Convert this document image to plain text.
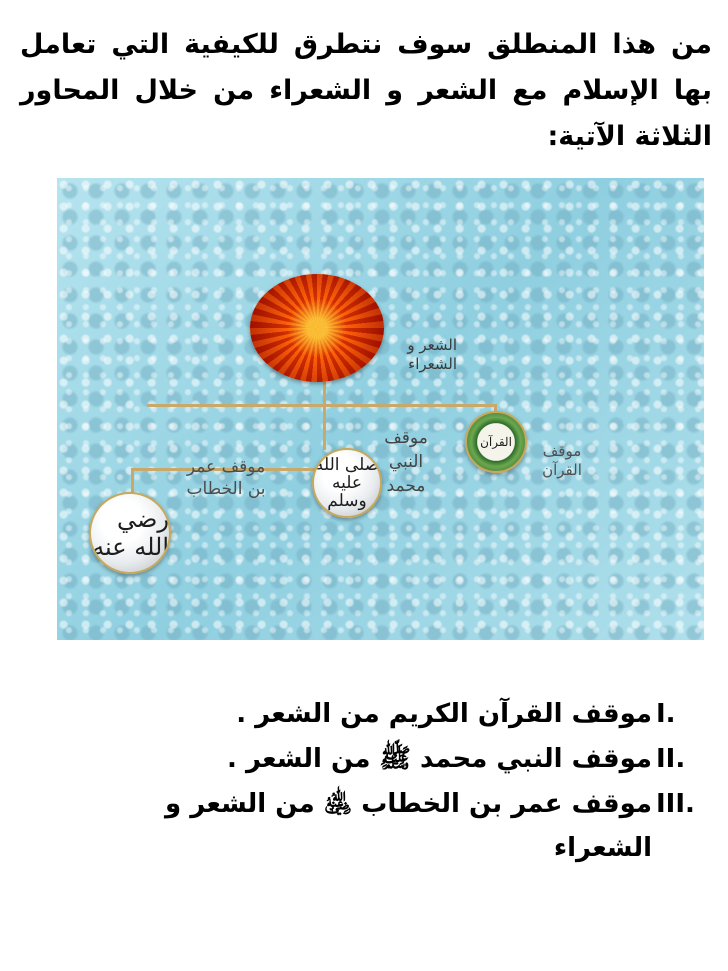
من هذا المنطلق سوف نتطرق للكيفية التي تعامل بها الإسلام مع الشعر و الشعراء من خلال المحاور الثلاثة الآتية:
الشعر و الشعراء
القرآن	موقف القرآن
صلى الله عليه وسلم
موقف النبي محمد
رضي الله عنه
موقف عمر بن الخطاب
I.
موقف القرآن الكريم من الشعر .
II.
موقف النبي محمد ﷺ من الشعر .
III.
موقف عمر بن الخطاب ﵁ من الشعر و الشعراء
